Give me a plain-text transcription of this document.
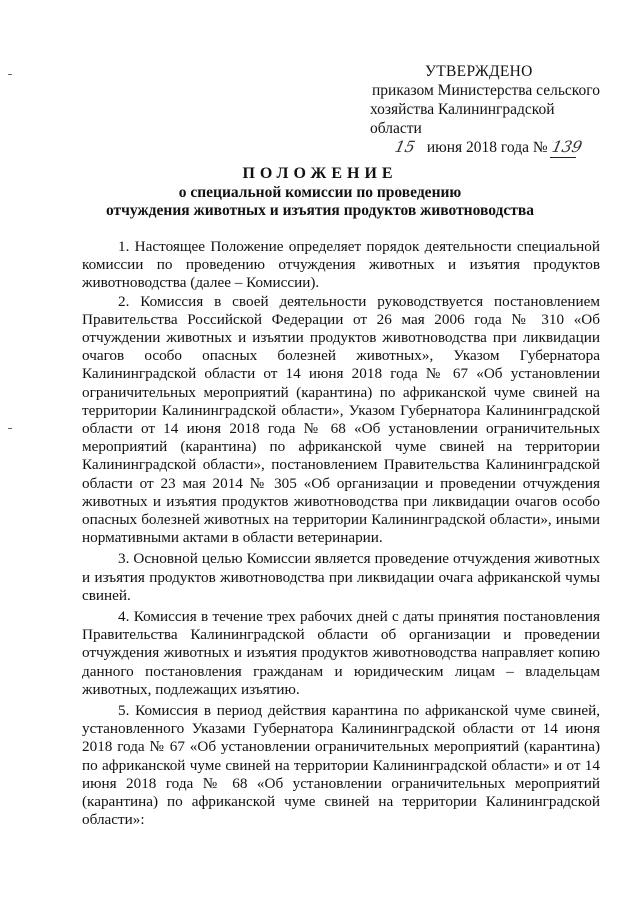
УТВЕРЖДЕНО
приказом Министерства сельского
хозяйства Калининградской области
15 июня 2018 года № 139
ПОЛОЖЕНИЕ
о специальной комиссии по проведению
отчуждения животных и изъятия продуктов животноводства

1. Настоящее Положение определяет порядок деятельности специальной комиссии по проведению отчуждения животных и изъятия продуктов животноводства (далее – Комиссии).

2. Комиссия в своей деятельности руководствуется постановлением Правительства Российской Федерации от 26 мая 2006 года № 310 «Об отчуждении животных и изъятии продуктов животноводства при ликвидации очагов особо опасных болезней животных», Указом Губернатора Калининградской области от 14 июня 2018 года № 67 «Об установлении ограничительных мероприятий (карантина) по африканской чуме свиней на территории Калининградской области», Указом Губернатора Калининградской области от 14 июня 2018 года № 68 «Об установлении ограничительных мероприятий (карантина) по африканской чуме свиней на территории Калининградской области», постановлением Правительства Калининградской области от 23 мая 2014 № 305 «Об организации и проведении отчуждения животных и изъятия продуктов животноводства при ликвидации очагов особо опасных болезней животных на территории Калининградской области», иными нормативными актами в области ветеринарии.

3. Основной целью Комиссии является проведение отчуждения животных и изъятия продуктов животноводства при ликвидации очага африканской чумы свиней.

4. Комиссия в течение трех рабочих дней с даты принятия постановления Правительства Калининградской области об организации и проведении отчуждения животных и изъятия продуктов животноводства направляет копию данного постановления гражданам и юридическим лицам – владельцам животных, подлежащих изъятию.

5. Комиссия в период действия карантина по африканской чуме свиней, установленного Указами Губернатора Калининградской области от 14 июня 2018 года № 67 «Об установлении ограничительных мероприятий (карантина) по африканской чуме свиней на территории Калининградской области» и от 14 июня 2018 года № 68 «Об установлении ограничительных мероприятий (карантина) по африканской чуме свиней на территории Калининградской области»:
